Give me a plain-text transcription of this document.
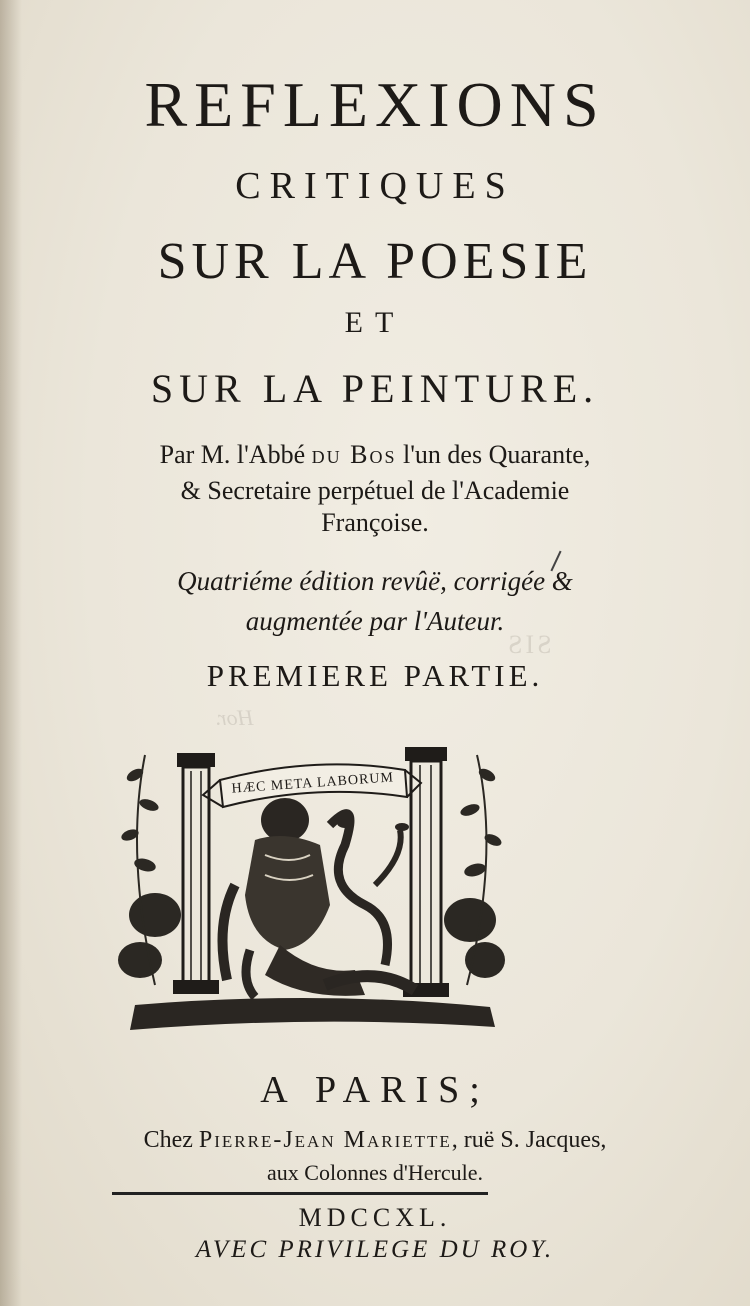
REFLEXIONS
CRITIQUES
SUR LA POESIE
ET
SUR LA PEINTURE.
Par M. l'Abbé du Bos l'un des Quarante,
& Secretaire perpétuel de l'Academie
Françoise.
Quatriéme édition revûë, corrigée &
augmentée par l'Auteur.
SIS
Hor.
PREMIERE PARTIE.
HÆC META LABORUM
A PARIS;
Chez Pierre-Jean Mariette, ruë S. Jacques,
aux Colonnes d'Hercule.
MDCCXL.
AVEC PRIVILEGE DU ROY.
